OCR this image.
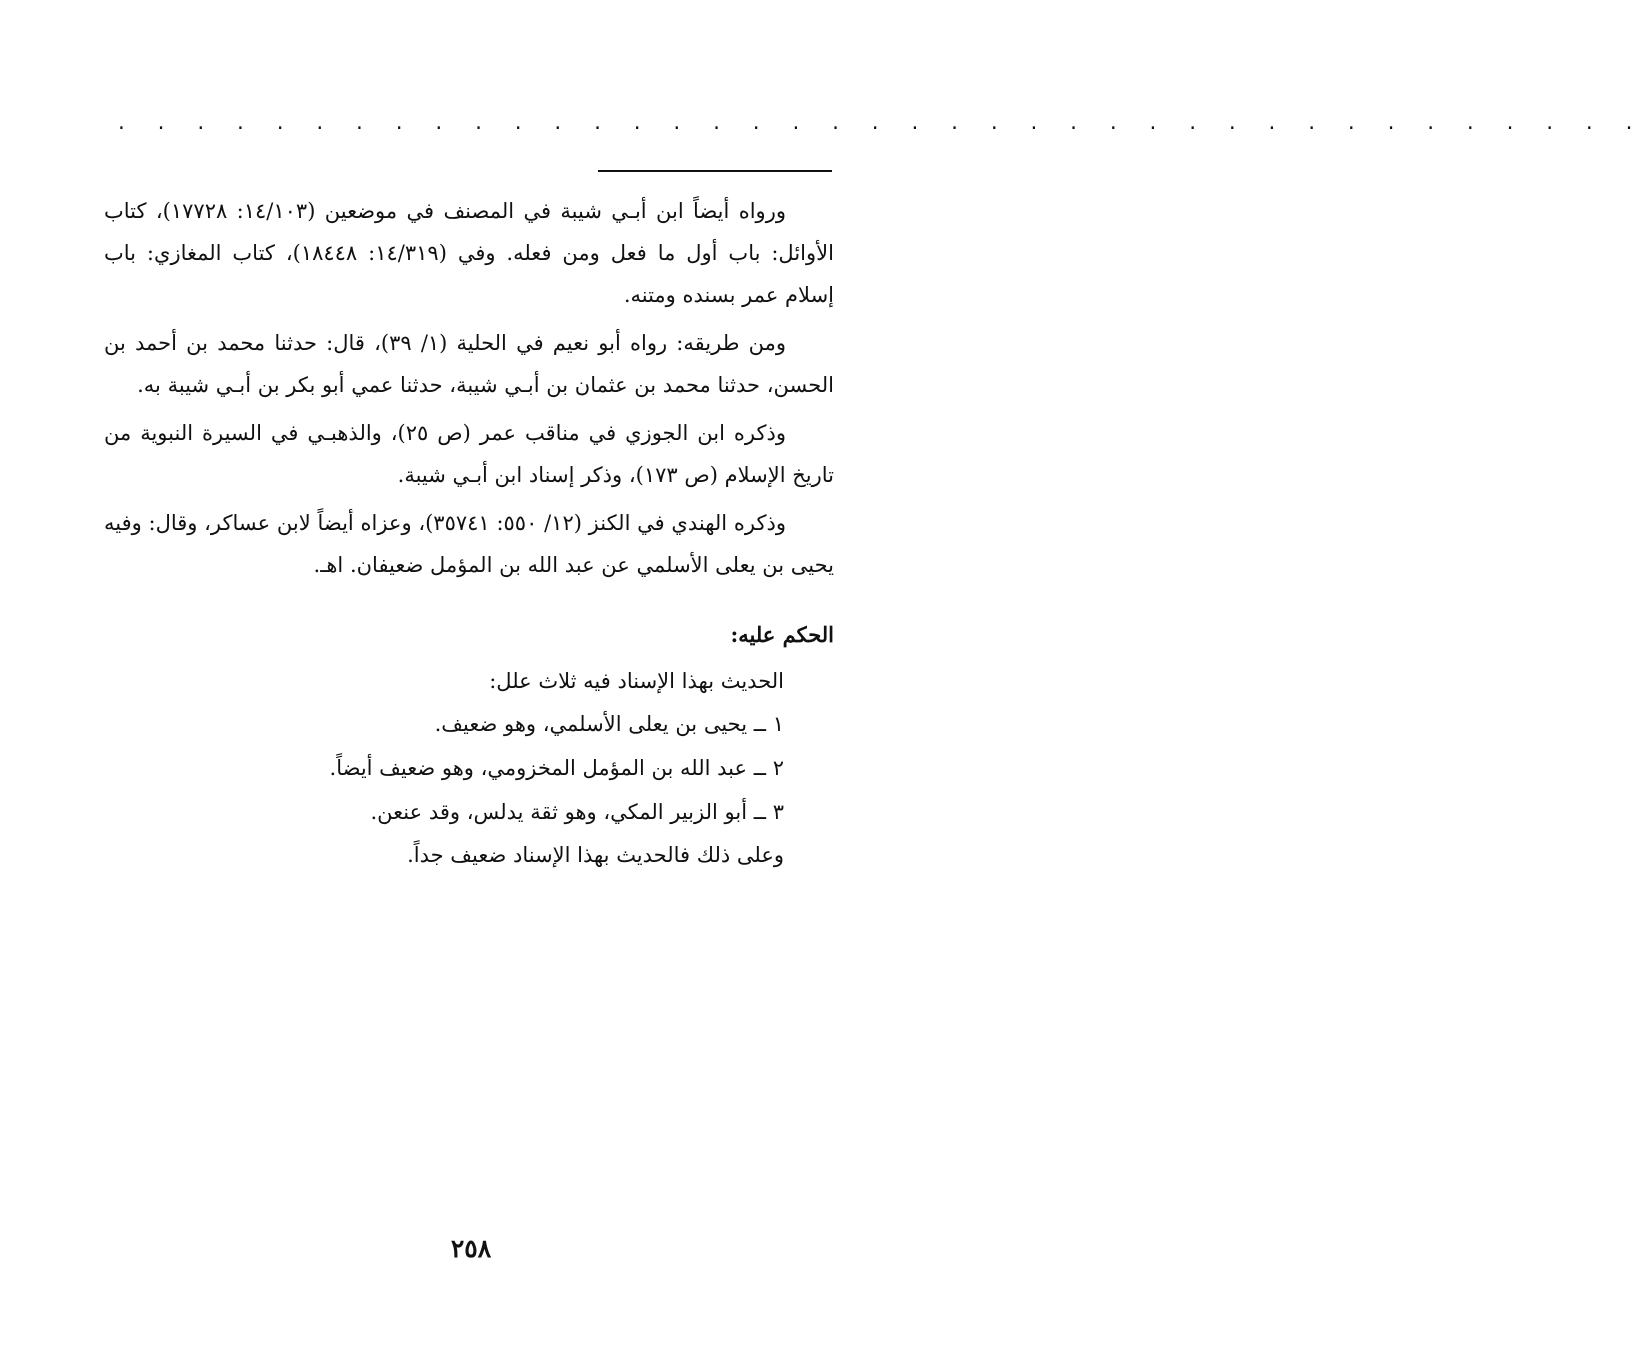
. . . . . . . . . . . . . . . . . . . . . . . . . . . . . . . . . . . . . . .

ورواه أيضاً ابن أبـي شيبة في المصنف في موضعين (١٤/١٠٣: ١٧٧٢٨)، كتاب الأوائل: باب أول ما فعل ومن فعله. وفي (١٤/٣١٩: ١٨٤٤٨)، كتاب المغازي: باب إسلام عمر بسنده ومتنه.

ومن طريقه: رواه أبو نعيم في الحلية (١/ ٣٩)، قال: حدثنا محمد بن أحمد بن الحسن، حدثنا محمد بن عثمان بن أبـي شيبة، حدثنا عمي أبو بكر بن أبـي شيبة به.

وذكره ابن الجوزي في مناقب عمر (ص ٢٥)، والذهبـي في السيرة النبوية من تاريخ الإسلام (ص ١٧٣)، وذكر إسناد ابن أبـي شيبة.

وذكره الهندي في الكنز (١٢/ ٥٥٠: ٣٥٧٤١)، وعزاه أيضاً لابن عساكر، وقال: وفيه يحيى بن يعلى الأسلمي عن عبد الله بن المؤمل ضعيفان. اهـ.

الحكم عليه:

الحديث بهذا الإسناد فيه ثلاث علل:

١ ــ يحيى بن يعلى الأسلمي، وهو ضعيف.

٢ ــ عبد الله بن المؤمل المخزومي، وهو ضعيف أيضاً.

٣ ــ أبو الزبير المكي، وهو ثقة يدلس، وقد عنعن.

وعلى ذلك فالحديث بهذا الإسناد ضعيف جداً.

٢٥٨
